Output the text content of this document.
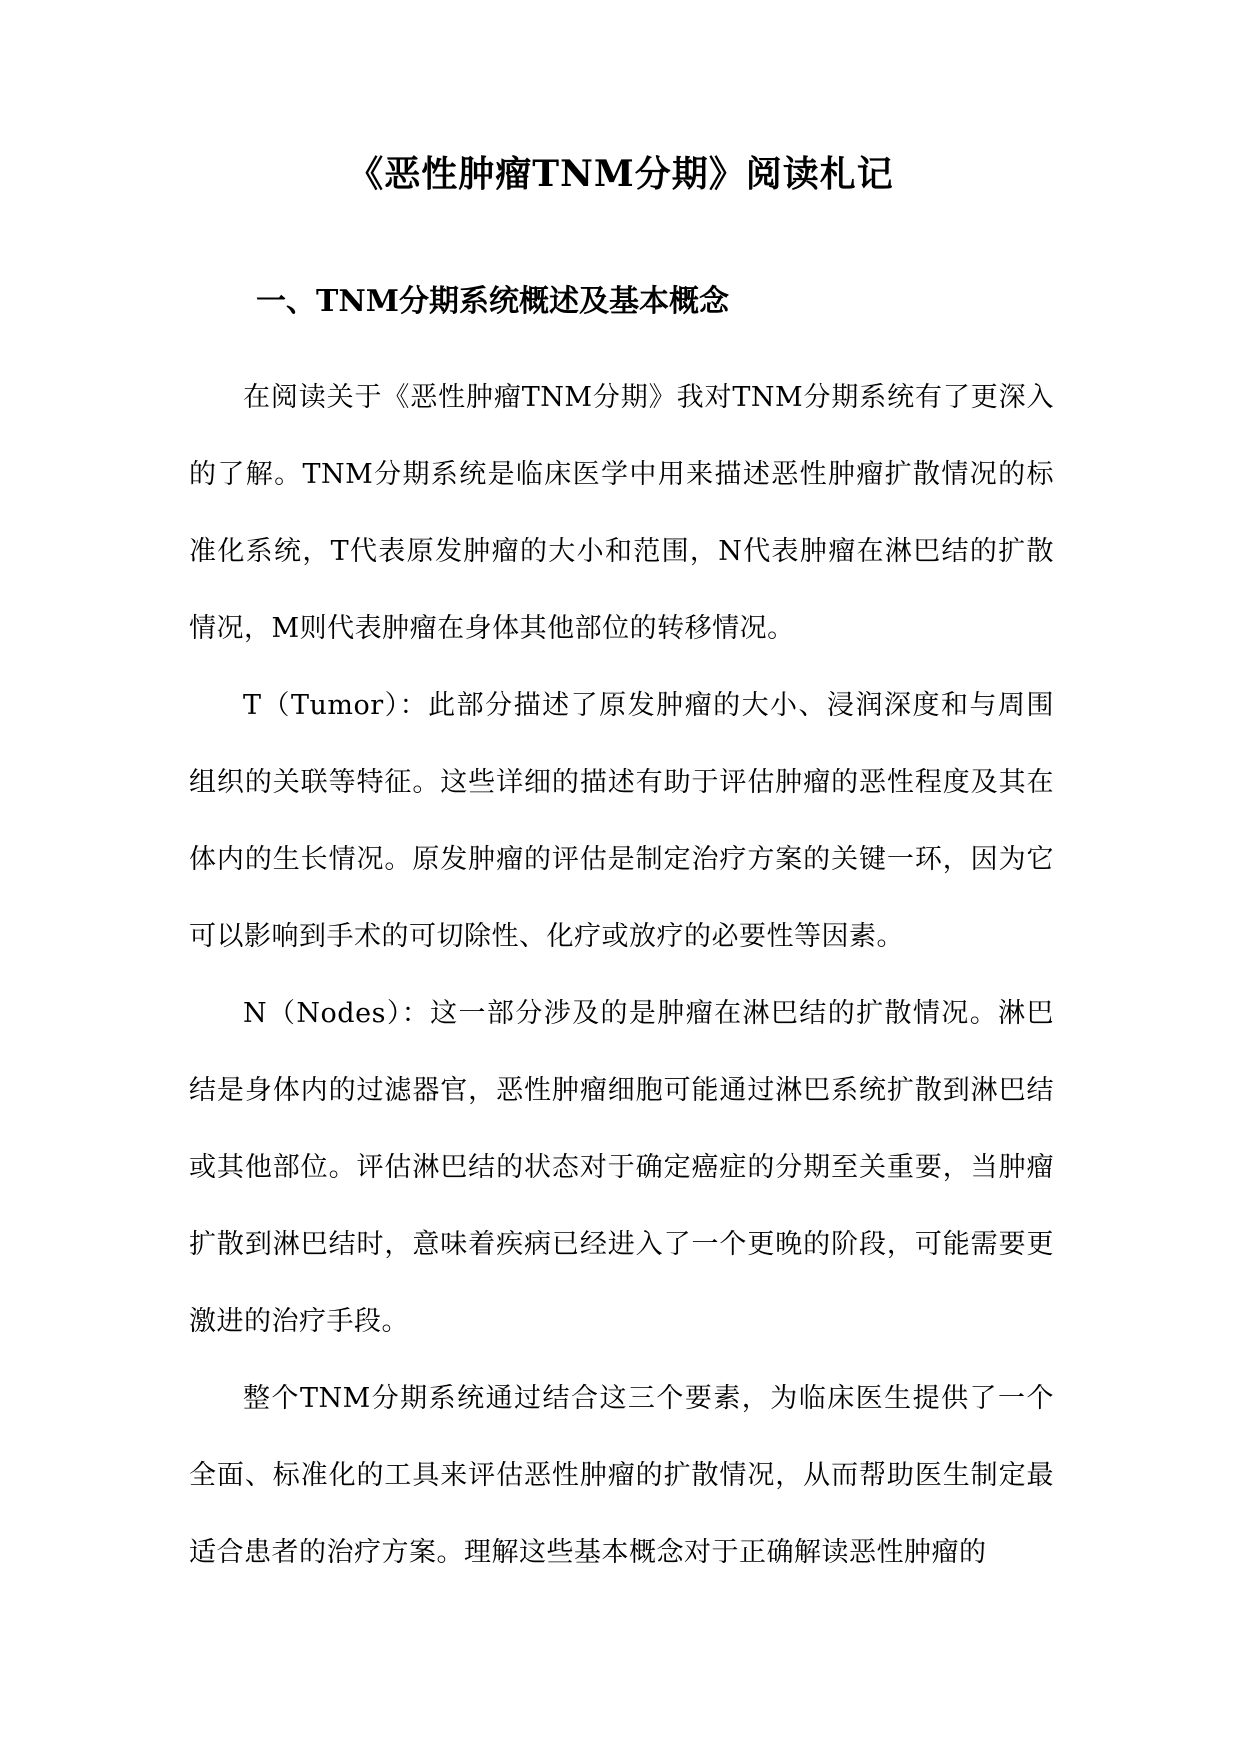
《恶性肿瘤TNM分期》阅读札记
一、TNM分期系统概述及基本概念

在阅读关于《恶性肿瘤TNM分期》我对TNM分期系统有了更深入的了解。TNM分期系统是临床医学中用来描述恶性肿瘤扩散情况的标准化系统，T代表原发肿瘤的大小和范围，N代表肿瘤在淋巴结的扩散情况，M则代表肿瘤在身体其他部位的转移情况。

T（Tumor）：此部分描述了原发肿瘤的大小、浸润深度和与周围组织的关联等特征。这些详细的描述有助于评估肿瘤的恶性程度及其在体内的生长情况。原发肿瘤的评估是制定治疗方案的关键一环，因为它可以影响到手术的可切除性、化疗或放疗的必要性等因素。

N（Nodes）：这一部分涉及的是肿瘤在淋巴结的扩散情况。淋巴结是身体内的过滤器官，恶性肿瘤细胞可能通过淋巴系统扩散到淋巴结或其他部位。评估淋巴结的状态对于确定癌症的分期至关重要，当肿瘤扩散到淋巴结时，意味着疾病已经进入了一个更晚的阶段，可能需要更激进的治疗手段。

整个TNM分期系统通过结合这三个要素，为临床医生提供了一个全面、标准化的工具来评估恶性肿瘤的扩散情况，从而帮助医生制定最适合患者的治疗方案。理解这些基本概念对于正确解读恶性肿瘤的
